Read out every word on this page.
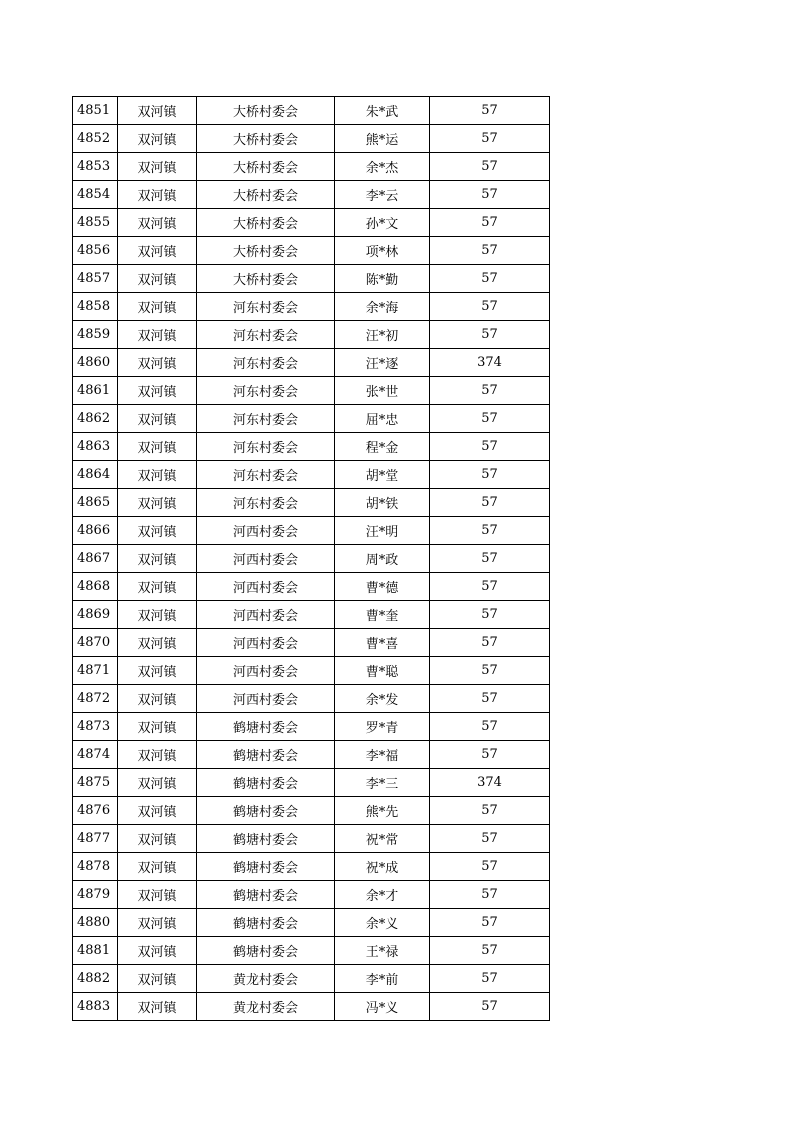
4851	双河镇	大桥村委会	朱*武	57
4852	双河镇	大桥村委会	熊*运	57
4853	双河镇	大桥村委会	余*杰	57
4854	双河镇	大桥村委会	李*云	57
4855	双河镇	大桥村委会	孙*文	57
4856	双河镇	大桥村委会	项*林	57
4857	双河镇	大桥村委会	陈*勤	57
4858	双河镇	河东村委会	余*海	57
4859	双河镇	河东村委会	汪*初	57
4860	双河镇	河东村委会	汪*逐	374
4861	双河镇	河东村委会	张*世	57
4862	双河镇	河东村委会	屈*忠	57
4863	双河镇	河东村委会	程*金	57
4864	双河镇	河东村委会	胡*堂	57
4865	双河镇	河东村委会	胡*铁	57
4866	双河镇	河西村委会	汪*明	57
4867	双河镇	河西村委会	周*政	57
4868	双河镇	河西村委会	曹*德	57
4869	双河镇	河西村委会	曹*奎	57
4870	双河镇	河西村委会	曹*喜	57
4871	双河镇	河西村委会	曹*聪	57
4872	双河镇	河西村委会	余*发	57
4873	双河镇	鹤塘村委会	罗*青	57
4874	双河镇	鹤塘村委会	李*福	57
4875	双河镇	鹤塘村委会	李*三	374
4876	双河镇	鹤塘村委会	熊*先	57
4877	双河镇	鹤塘村委会	祝*常	57
4878	双河镇	鹤塘村委会	祝*成	57
4879	双河镇	鹤塘村委会	余*才	57
4880	双河镇	鹤塘村委会	余*义	57
4881	双河镇	鹤塘村委会	王*禄	57
4882	双河镇	黄龙村委会	李*前	57
4883	双河镇	黄龙村委会	冯*义	57
